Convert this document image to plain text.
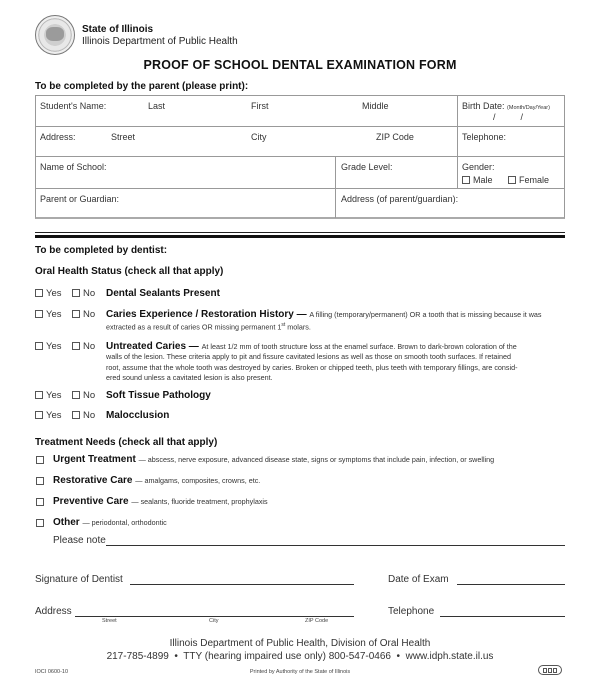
State of Illinois
Illinois Department of Public Health
PROOF OF SCHOOL DENTAL EXAMINATION FORM
To be completed by the parent (please print):
Student's Name:	Last	First	Middle	Birth Date: (Month/Day/Year)
/          /
Address:	Street	City	ZIP Code	Telephone:
Name of School:	Grade Level:	Gender:
Male	Female
Parent or Guardian:	Address (of parent/guardian):
To be completed by dentist:
Oral Health Status (check all that apply)
Yes	No Dental Sealants Present
Yes	No Caries Experience / Restoration History — A filling (temporary/permanent) OR a tooth that is missing because it was
extracted as a result of caries OR missing permanent 1st molars.
Yes	No Untreated Caries — At least 1/2 mm of tooth structure loss at the enamel surface. Brown to dark-brown coloration of the
walls of the lesion. These criteria apply to pit and fissure cavitated lesions as well as those on smooth tooth surfaces. If retained
root, assume that the whole tooth was destroyed by caries. Broken or chipped teeth, plus teeth with temporary fillings, are consid-
ered sound unless a cavitated lesion is also present.
Yes	No Soft Tissue Pathology
Yes	No Malocclusion
Treatment Needs (check all that apply)
Urgent Treatment — abscess, nerve exposure, advanced disease state, signs or symptoms that include pain, infection, or swelling
Restorative Care — amalgams, composites, crowns, etc.
Preventive Care — sealants, fluoride treatment, prophylaxis
Other — periodontal, orthodontic
Please note
Signature of Dentist	Date of Exam
Address
Street	City	ZIP Code
Telephone
Illinois Department of Public Health, Division of Oral Health
217-785-4899  •  TTY (hearing impaired use only) 800-547-0466  •  www.idph.state.il.us
IOCI 0600-10	Printed by Authority of the State of Illinois
